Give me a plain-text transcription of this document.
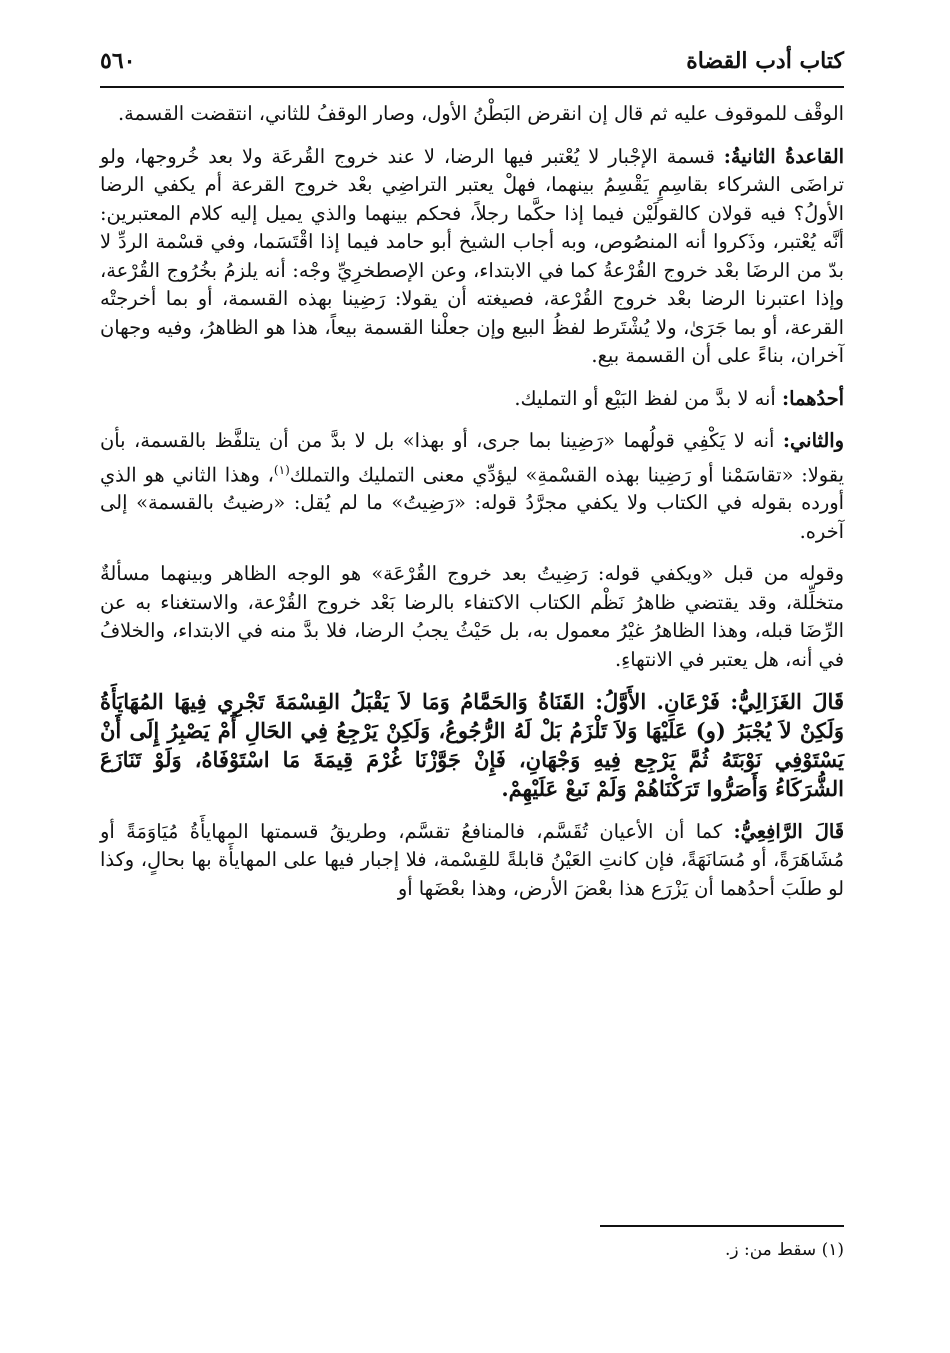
كتاب أدب القضاة
٥٦٠

الوقْف للموقوف عليه ثم قال إن انقرض البَطْنُ الأول، وصار الوقفُ للثاني، انتقضت القسمة.

القاعدةُ الثانيةُ: قسمة الإجْبار لا يُعْتبر فيها الرضا، لا عند خروج القُرعَة ولا بعد خُروجها، ولو تراضَى الشركاء بقاسِمٍ يَقْسِمُ بينهما، فهلْ يعتبر التراضِي بعْد خروج القرعة أم يكفي الرضا الأولُ؟ فيه قولان كالقولَيْن فيما إذا حكَّما رجلاً، فحكم بينهما والذي يميل إليه كلام المعتبرين: أنَّه يُعْتبر، وذَكروا أنه المنصُوص، وبه أجاب الشيخ أبو حامد فيما إذا اقْتَسَما، وفي قسْمة الردِّ لا بدّ من الرضَا بعْد خروج القُرْعةُ كما في الابتداء، وعن الإصطخرِيِّ وجْه: أنه يلزمُ بخُرُوج القُرْعة، وإذا اعتبرنا الرضا بعْد خروج القُرْعة، فصيغته أن يقولا: رَضِينا بهذه القسمة، أو بما أخرجتْه القرعة، أو بما جَرَىٰ، ولا يُشْتَرط لفظُ البيع وإن جعلْنا القسمة بيعاً، هذا هو الظاهرُ، وفيه وجهان آخران، بناءً على أن القسمة بيع.

أحدُهما: أنه لا بدَّ من لفظ البَيْع أو التمليك.

والثاني: أنه لا يَكْفِي قولُهما «رَضِينا بما جرى، أو بهذا» بل لا بدَّ من أن يتلفَّظ بالقسمة، بأن يقولا: «تقاسَمْنا أو رَضِينا بهذه القسْمةِ» ليؤدِّي معنى التمليك والتملك$^{(١)}$، وهذا الثاني هو الذي أورده بقوله في الكتاب ولا يكفي مجرَّدُ قوله: «رَضِيتُ» ما لم يُقل: «رضيتُ بالقسمة» إلى آخره.

وقوله من قبل «ويكفي قوله: رَضِيتُ بعد خروج القُرْعَة» هو الوجه الظاهر وبينهما مسألةٌ متخلِّلة، وقد يقتضي ظاهرُ نَظْم الكتاب الاكتفاء بالرضا بَعْد خروج القُرْعة، والاستغناء به عن الرِّضَا قبله، وهذا الظاهرُ غيْرُ معمول به، بل حَيْثُ يجبُ الرضا، فلا بدَّ منه في الابتداء، والخلافُ في أنه، هل يعتبر في الانتهاءِ.

قَالَ الغَزَالِيُّ: فَرْعَانِ. الأَوَّلُ: القَنَاةُ وَالحَمَّامُ وَمَا لاَ يَقْبَلُ القِسْمَةَ تَجْرِي فِيهَا المُهَايَأَةُ وَلَكِنْ لاَ يُجْبَرُ (و) عَلَيْهَا وَلاَ تَلْزَمُ بَلْ لَهُ الرُّجُوعُ، وَلَكِنْ يَرْجِعُ فِي الحَالِ أَمْ يَصْبِرُ إِلَى أَنْ يَسْتَوْفِي نَوْبَتَهُ ثُمَّ يَرْجِع فِيهِ وَجْهَانِ، فَإِنْ جَوَّزْنَا غُرْمَ قِيمَةَ مَا اسْتَوْفَاهُ، وَلَوْ تَنَازَعَ الشُّرَكَاءُ وَأَصَرُّوا تَرَكْنَاهُمْ وَلَمْ نَبعْ عَلَيْهِمْ.

قَالَ الرَّافِعِيُّ: كما أن الأعيان تُقَسَّم، فالمنافعُ تقسَّم، وطريقُ قسمتها المهايأَةُ مُيَاوَمَةً أو مُشَاهَرَةً، أو مُسَانَهَةً، فإن كانتِ العَيْنُ قابلةً للقِسْمة، فلا إجبار فيها على المهايأَة بها بحالٍ، وكذا لو طلَبَ أحدُهما أن يَزْرَع هذا بعْضَ الأرض، وهذا بعْضَها أو

(١) سقط من: ز.
